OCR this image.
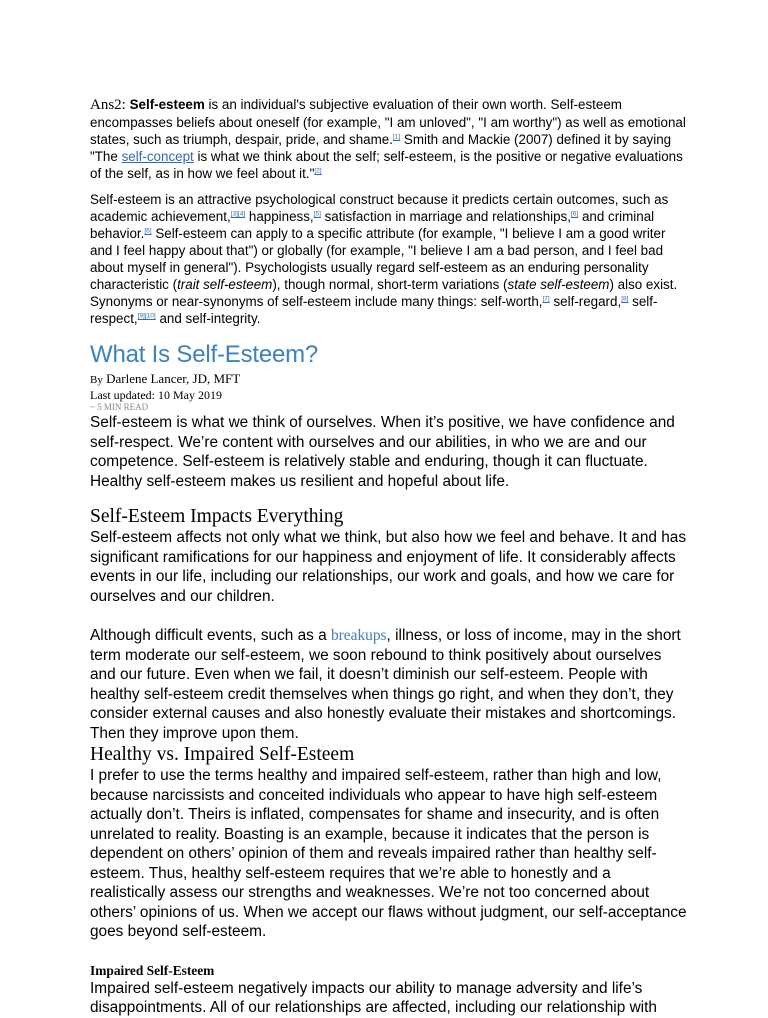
Ans2: Self-esteem is an individual's subjective evaluation of their own worth. Self-esteem encompasses beliefs about oneself (for example, "I am unloved", "I am worthy") as well as emotional states, such as triumph, despair, pride, and shame.[1] Smith and Mackie (2007) defined it by saying "The self-concept is what we think about the self; self-esteem, is the positive or negative evaluations of the self, as in how we feel about it."[2]

Self-esteem is an attractive psychological construct because it predicts certain outcomes, such as academic achievement,[3][4] happiness,[5] satisfaction in marriage and relationships,[6] and criminal behavior.[6] Self-esteem can apply to a specific attribute (for example, "I believe I am a good writer and I feel happy about that") or globally (for example, "I believe I am a bad person, and I feel bad about myself in general"). Psychologists usually regard self-esteem as an enduring personality characteristic (trait self-esteem), though normal, short-term variations (state self-esteem) also exist. Synonyms or near-synonyms of self-esteem include many things: self-worth,[7] self-regard,[8] self-respect,[9][10] and self-integrity.

What Is Self-Esteem?

By Darlene Lancer, JD, MFT

Last updated: 10 May 2019

~ 5 MIN READ

Self-esteem is what we think of ourselves. When it’s positive, we have confidence and self-respect. We’re content with ourselves and our abilities, in who we are and our competence. Self-esteem is relatively stable and enduring, though it can fluctuate. Healthy self-esteem makes us resilient and hopeful about life.

Self-Esteem Impacts Everything

Self-esteem affects not only what we think, but also how we feel and behave. It and has significant ramifications for our happiness and enjoyment of life. It considerably affects events in our life, including our relationships, our work and goals, and how we care for ourselves and our children.

Although difficult events, such as a breakups, illness, or loss of income, may in the short term moderate our self-esteem, we soon rebound to think positively about ourselves and our future. Even when we fail, it doesn’t diminish our self-esteem. People with healthy self-esteem credit themselves when things go right, and when they don’t, they consider external causes and also honestly evaluate their mistakes and shortcomings. Then they improve upon them.

Healthy vs. Impaired Self-Esteem

I prefer to use the terms healthy and impaired self-esteem, rather than high and low, because narcissists and conceited individuals who appear to have high self-esteem actually don’t. Theirs is inflated, compensates for shame and insecurity, and is often unrelated to reality. Boasting is an example, because it indicates that the person is dependent on others’ opinion of them and reveals impaired rather than healthy self-esteem. Thus, healthy self-esteem requires that we’re able to honestly and a realistically assess our strengths and weaknesses. We’re not too concerned about others’ opinions of us. When we accept our flaws without judgment, our self-acceptance goes beyond self-esteem.

Impaired Self-Esteem

Impaired self-esteem negatively impacts our ability to manage adversity and life’s disappointments. All of our relationships are affected, including our relationship with
